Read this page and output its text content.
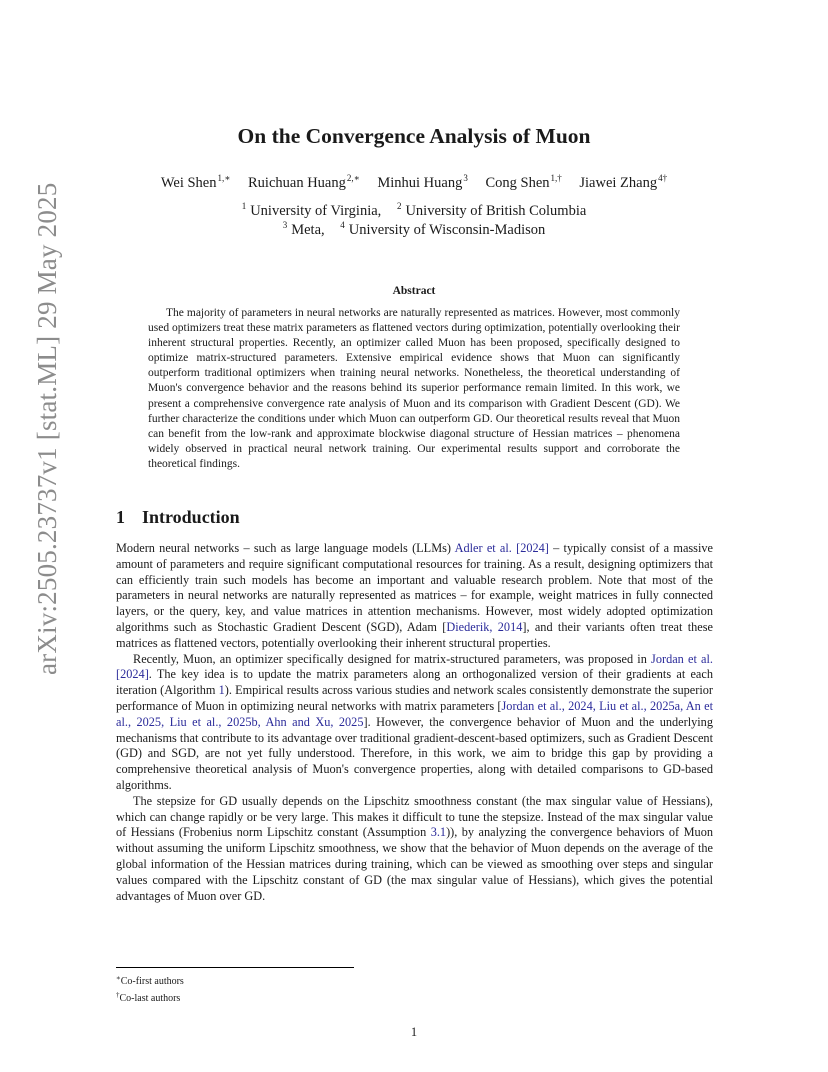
arXiv:2505.23737v1 [stat.ML] 29 May 2025
On the Convergence Analysis of Muon
Wei Shen$^{1,∗}$ Ruichuan Huang$^{2,∗}$ Minhui Huang$^3$ Cong Shen$^{1,\dagger}$ Jiawei Zhang$^{4\dagger}$
$^1$ University of Virginia, $^2$ University of British Columbia
$^3$ Meta, $^4$ University of Wisconsin-Madison
Abstract

The majority of parameters in neural networks are naturally represented as matrices. However, most commonly used optimizers treat these matrix parameters as flattened vectors during optimization, potentially overlooking their inherent structural properties. Recently, an optimizer called Muon has been proposed, specifically designed to optimize matrix-structured parameters. Extensive empirical evidence shows that Muon can significantly outperform traditional optimizers when training neural networks. Nonetheless, the theoretical understanding of Muon's convergence behavior and the reasons behind its superior performance remain limited. In this work, we present a comprehensive convergence rate analysis of Muon and its comparison with Gradient Descent (GD). We further characterize the conditions under which Muon can outperform GD. Our theoretical results reveal that Muon can benefit from the low-rank and approximate blockwise diagonal structure of Hessian matrices – phenomena widely observed in practical neural network training. Our experimental results support and corroborate the theoretical findings.

1 Introduction

Modern neural networks – such as large language models (LLMs) Adler et al. [2024] – typically consist of a massive amount of parameters and require significant computational resources for training. As a result, designing optimizers that can efficiently train such models has become an important and valuable research problem. Note that most of the parameters in neural networks are naturally represented as matrices – for example, weight matrices in fully connected layers, or the query, key, and value matrices in attention mechanisms. However, most widely adopted optimization algorithms such as Stochastic Gradient Descent (SGD), Adam [Diederik, 2014], and their variants often treat these matrices as flattened vectors, potentially overlooking their inherent structural properties.

Recently, Muon, an optimizer specifically designed for matrix-structured parameters, was proposed in Jordan et al. [2024]. The key idea is to update the matrix parameters along an orthogonalized version of their gradients at each iteration (Algorithm 1). Empirical results across various studies and network scales consistently demonstrate the superior performance of Muon in optimizing neural networks with matrix parameters [Jordan et al., 2024, Liu et al., 2025a, An et al., 2025, Liu et al., 2025b, Ahn and Xu, 2025]. However, the convergence behavior of Muon and the underlying mechanisms that contribute to its advantage over traditional gradient-descent-based optimizers, such as Gradient Descent (GD) and SGD, are not yet fully understood. Therefore, in this work, we aim to bridge this gap by providing a comprehensive theoretical analysis of Muon's convergence properties, along with detailed comparisons to GD-based algorithms.

The stepsize for GD usually depends on the Lipschitz smoothness constant (the max singular value of Hessians), which can change rapidly or be very large. This makes it difficult to tune the stepsize. Instead of the max singular value of Hessians (Frobenius norm Lipschitz constant (Assumption 3.1)), by analyzing the convergence behaviors of Muon without assuming the uniform Lipschitz smoothness, we show that the behavior of Muon depends on the average of the global information of the Hessian matrices during training, which can be viewed as smoothing over steps and singular values compared with the Lipschitz constant of GD (the max singular value of Hessians), which gives the potential advantages of Muon over GD.

∗Co-first authors
†Co-last authors
1
